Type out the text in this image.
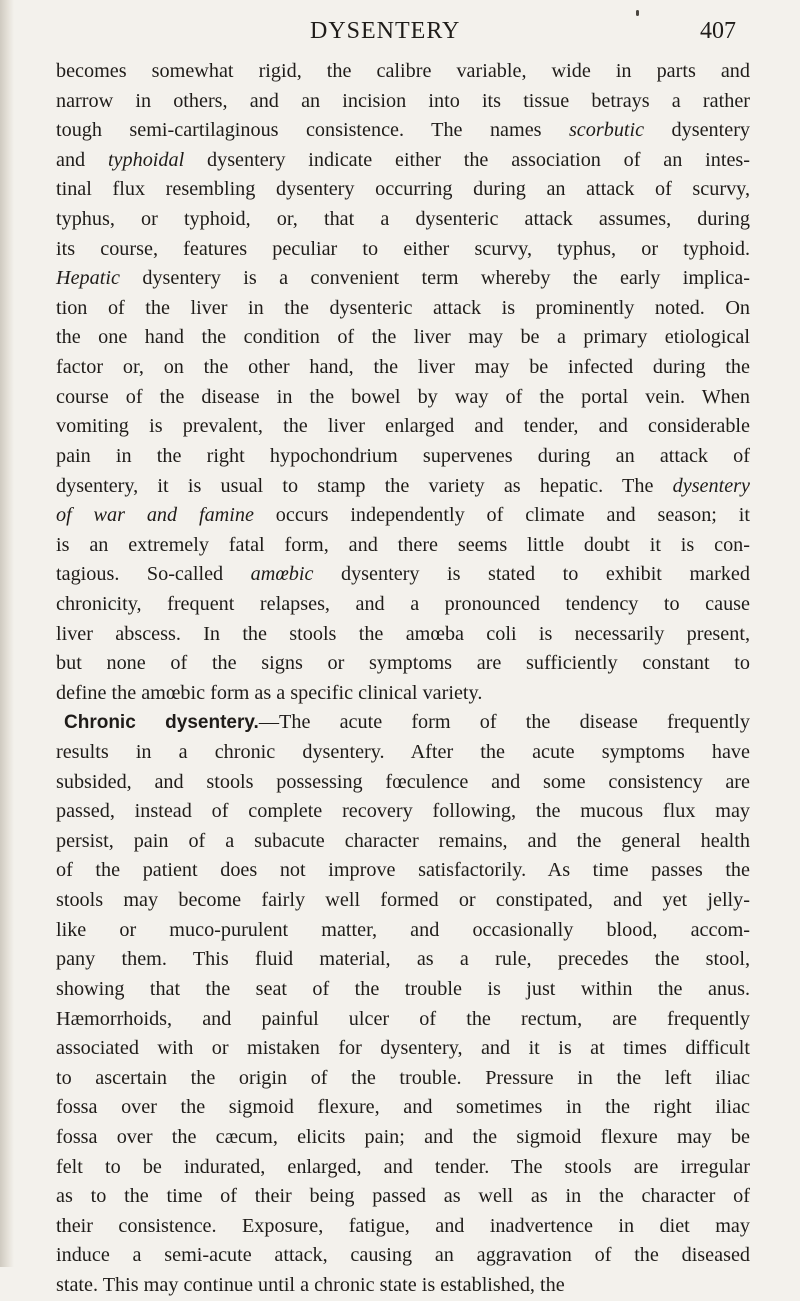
DYSENTERY	407
becomes somewhat rigid, the calibre variable, wide in parts and
narrow in others, and an incision into its tissue betrays a rather
tough semi-cartilaginous consistence. The names scorbutic dysentery
and typhoidal dysentery indicate either the association of an intes-
tinal flux resembling dysentery occurring during an attack of scurvy,
typhus, or typhoid, or, that a dysenteric attack assumes, during
its course, features peculiar to either scurvy, typhus, or typhoid.
Hepatic dysentery is a convenient term whereby the early implica-
tion of the liver in the dysenteric attack is prominently noted. On
the one hand the condition of the liver may be a primary etiological
factor or, on the other hand, the liver may be infected during the
course of the disease in the bowel by way of the portal vein. When
vomiting is prevalent, the liver enlarged and tender, and considerable
pain in the right hypochondrium supervenes during an attack of
dysentery, it is usual to stamp the variety as hepatic. The dysentery
of war and famine occurs independently of climate and season; it
is an extremely fatal form, and there seems little doubt it is con-
tagious. So-called amœbic dysentery is stated to exhibit marked
chronicity, frequent relapses, and a pronounced tendency to cause
liver abscess. In the stools the amœba coli is necessarily present,
but none of the signs or symptoms are sufficiently constant to
define the amœbic form as a specific clinical variety.
Chronic dysentery.—The acute form of the disease frequently
results in a chronic dysentery. After the acute symptoms have
subsided, and stools possessing fœculence and some consistency are
passed, instead of complete recovery following, the mucous flux may
persist, pain of a subacute character remains, and the general health
of the patient does not improve satisfactorily. As time passes the
stools may become fairly well formed or constipated, and yet jelly-
like or muco-purulent matter, and occasionally blood, accom-
pany them. This fluid material, as a rule, precedes the stool,
showing that the seat of the trouble is just within the anus.
Hæmorrhoids, and painful ulcer of the rectum, are frequently
associated with or mistaken for dysentery, and it is at times difficult
to ascertain the origin of the trouble. Pressure in the left iliac
fossa over the sigmoid flexure, and sometimes in the right iliac
fossa over the cæcum, elicits pain; and the sigmoid flexure may be
felt to be indurated, enlarged, and tender. The stools are irregular
as to the time of their being passed as well as in the character of
their consistence. Exposure, fatigue, and inadvertence in diet may
induce a semi-acute attack, causing an aggravation of the diseased
state. This may continue until a chronic state is established, the
